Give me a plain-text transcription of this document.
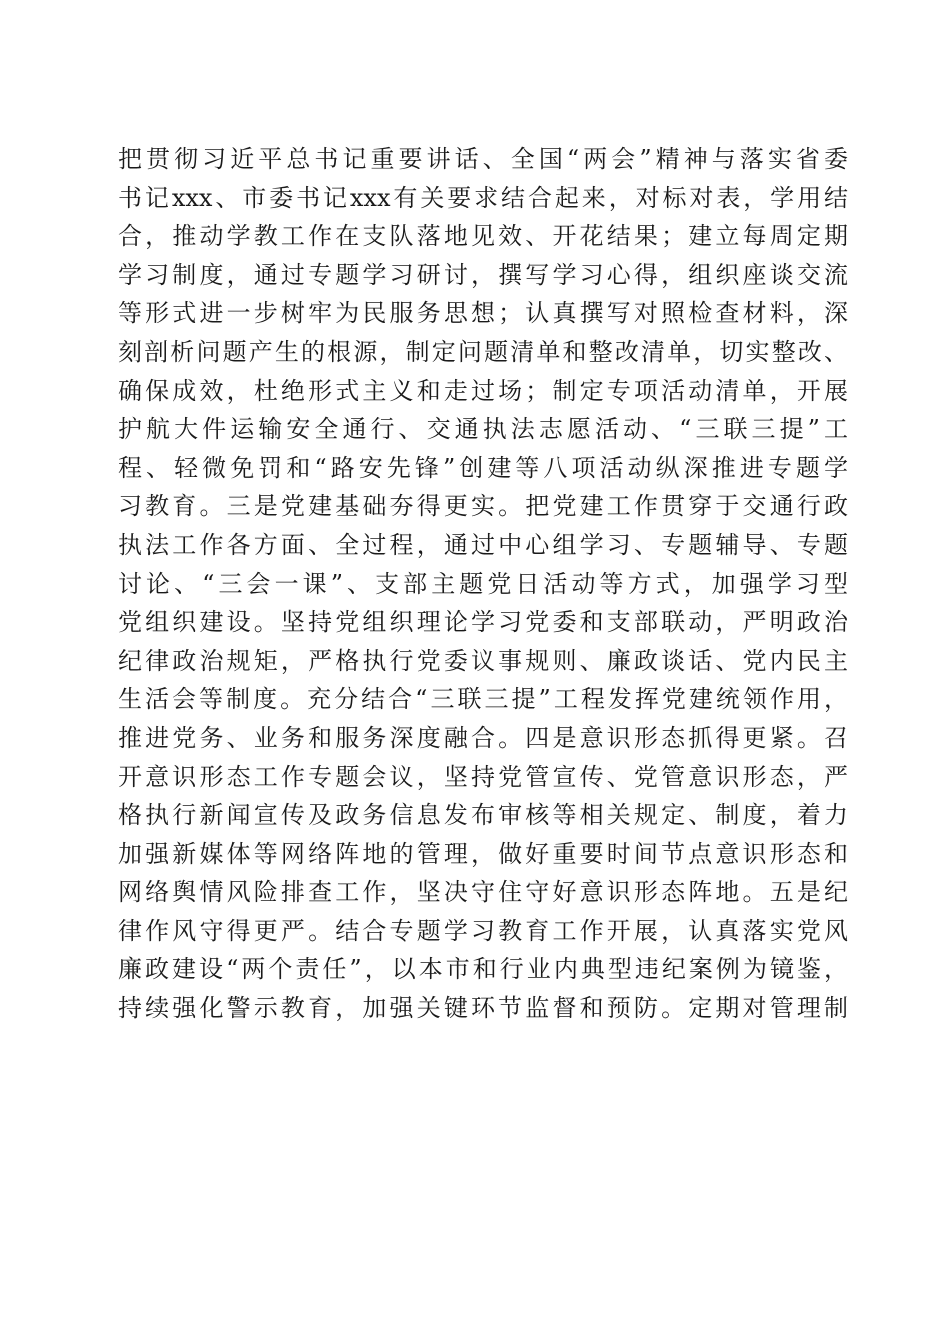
把贯彻习近平总书记重要讲话、全国“两会”精神与落实省委
书记xxx、市委书记xxx有关要求结合起来，对标对表，学用结
合，推动学教工作在支队落地见效、开花结果；建立每周定期
学习制度，通过专题学习研讨，撰写学习心得，组织座谈交流
等形式进一步树牢为民服务思想；认真撰写对照检查材料，深
刻剖析问题产生的根源，制定问题清单和整改清单，切实整改、
确保成效，杜绝形式主义和走过场；制定专项活动清单，开展
护航大件运输安全通行、交通执法志愿活动、“三联三提”工
程、轻微免罚和“路安先锋”创建等八项活动纵深推进专题学
习教育。三是党建基础夯得更实。把党建工作贯穿于交通行政
执法工作各方面、全过程，通过中心组学习、专题辅导、专题
讨论、“三会一课”、支部主题党日活动等方式，加强学习型
党组织建设。坚持党组织理论学习党委和支部联动，严明政治
纪律政治规矩，严格执行党委议事规则、廉政谈话、党内民主
生活会等制度。充分结合“三联三提”工程发挥党建统领作用，
推进党务、业务和服务深度融合。四是意识形态抓得更紧。召
开意识形态工作专题会议，坚持党管宣传、党管意识形态，严
格执行新闻宣传及政务信息发布审核等相关规定、制度，着力
加强新媒体等网络阵地的管理，做好重要时间节点意识形态和
网络舆情风险排查工作，坚决守住守好意识形态阵地。五是纪
律作风守得更严。结合专题学习教育工作开展，认真落实党风
廉政建设“两个责任”，以本市和行业内典型违纪案例为镜鉴，
持续强化警示教育，加强关键环节监督和预防。定期对管理制
